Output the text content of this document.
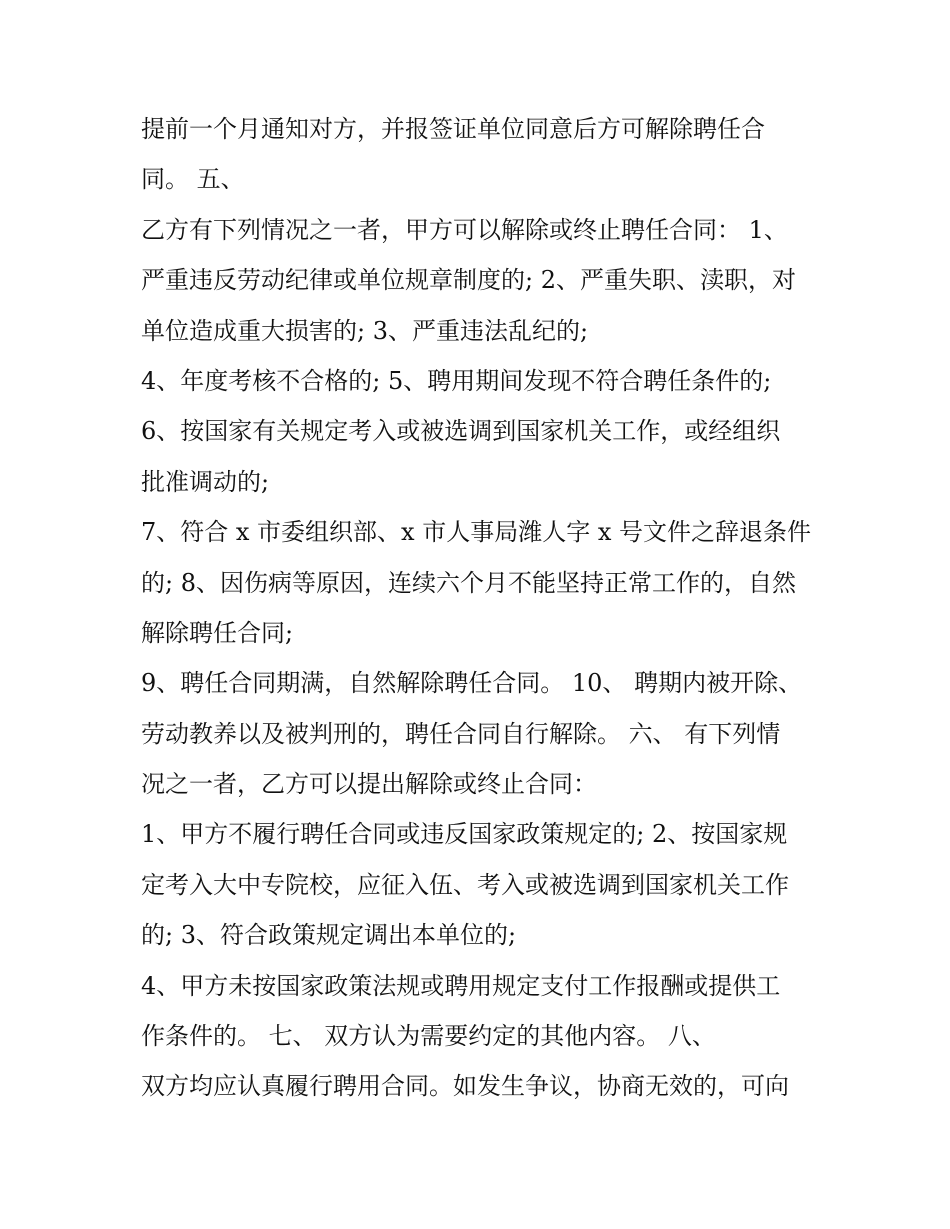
提前一个月通知对方，并报签证单位同意后方可解除聘任合
同。 五、
乙方有下列情况之一者，甲方可以解除或终止聘任合同： 1、
严重违反劳动纪律或单位规章制度的; 2、严重失职、渎职，对
单位造成重大损害的; 3、严重违法乱纪的;
4、年度考核不合格的; 5、聘用期间发现不符合聘任条件的;
6、按国家有关规定考入或被选调到国家机关工作，或经组织
批准调动的;
7、符合 x 市委组织部、x 市人事局潍人字 x 号文件之辞退条件
的; 8、因伤病等原因，连续六个月不能坚持正常工作的，自然
解除聘任合同;
9、聘任合同期满，自然解除聘任合同。 10、 聘期内被开除、
劳动教养以及被判刑的，聘任合同自行解除。 六、 有下列情
况之一者，乙方可以提出解除或终止合同：
1、甲方不履行聘任合同或违反国家政策规定的; 2、按国家规
定考入大中专院校，应征入伍、考入或被选调到国家机关工作
的; 3、符合政策规定调出本单位的;
4、甲方未按国家政策法规或聘用规定支付工作报酬或提供工
作条件的。 七、 双方认为需要约定的其他内容。 八、
双方均应认真履行聘用合同。如发生争议，协商无效的，可向
